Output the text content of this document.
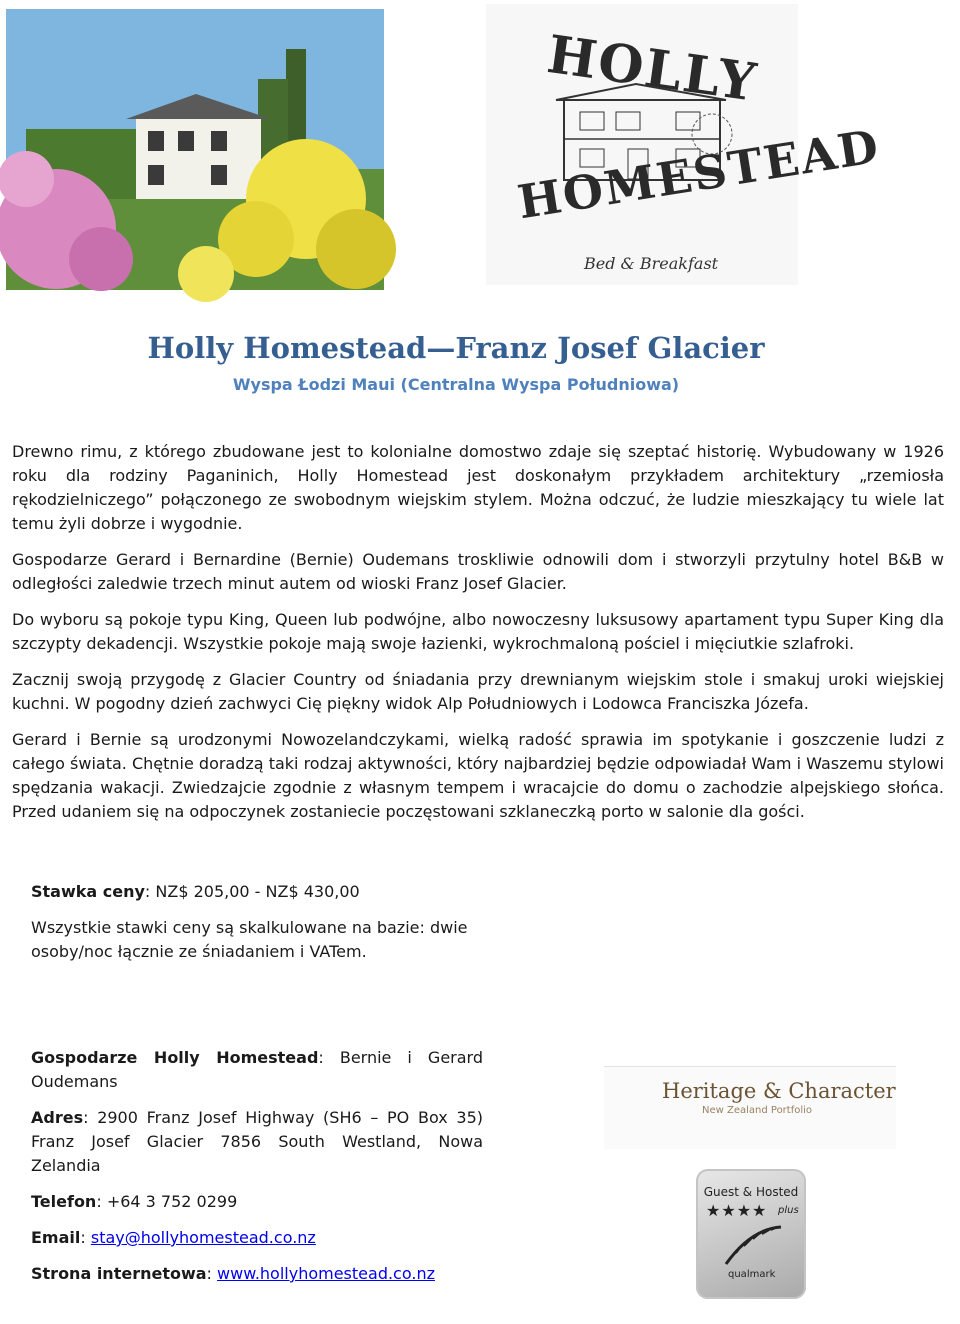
HOLLY
HOMESTEAD
Bed & Breakfast
Holly Homestead—Franz Josef Glacier
Wyspa Łodzi Maui (Centralna Wyspa Południowa)

Drewno rimu, z którego zbudowane jest to kolonialne domostwo zdaje się szeptać historię. Wybudowany w 1926 roku dla rodziny Paganinich, Holly Homestead jest doskonałym przykładem architektury „rzemiosła rękodzielniczego” połączonego ze swobodnym wiejskim stylem. Można odczuć, że ludzie mieszkający tu wiele lat temu żyli dobrze i wygodnie.

Gospodarze Gerard i Bernardine (Bernie) Oudemans troskliwie odnowili dom i stworzyli przytulny hotel B&B w odległości zaledwie trzech minut autem od wioski Franz Josef Glacier.

Do wyboru są pokoje typu King, Queen lub podwójne, albo nowoczesny luksusowy apartament typu Super King dla szczypty dekadencji. Wszystkie pokoje mają swoje łazienki, wykrochmaloną pościel i mięciutkie szlafroki.

Zacznij swoją przygodę z Glacier Country od śniadania przy drewnianym wiejskim stole i smakuj uroki wiejskiej kuchni. W pogodny dzień zachwyci Cię piękny widok Alp Południowych i Lodowca Franciszka Józefa.

Gerard i Bernie są urodzonymi Nowozelandczykami, wielką radość sprawia im spotykanie i goszczenie ludzi z całego świata. Chętnie doradzą taki rodzaj aktywności, który najbardziej będzie odpowiadał Wam i Waszemu stylowi spędzania wakacji. Zwiedzajcie zgodnie z własnym tempem i wracajcie do domu o zachodzie alpejskiego słońca. Przed udaniem się na odpoczynek zostaniecie poczęstowani szklaneczką porto w salonie dla gości.

Stawka ceny: NZ$ 205,00 - NZ$ 430,00

Wszystkie stawki ceny są skalkulowane na bazie: dwie osoby/noc łącznie ze śniadaniem i VATem.

Gospodarze Holly Homestead: Bernie i Gerard Oudemans

Adres: 2900 Franz Josef Highway (SH6 – PO Box 35) Franz Josef Glacier 7856 South Westland, Nowa Zelandia

Telefon: +64 3 752 0299

Email: stay@hollyhomestead.co.nz

Strona internetowa: www.hollyhomestead.co.nz

Heritage & Character
New Zealand Portfolio
Guest & Hosted
★★★★ plus
qualmark
